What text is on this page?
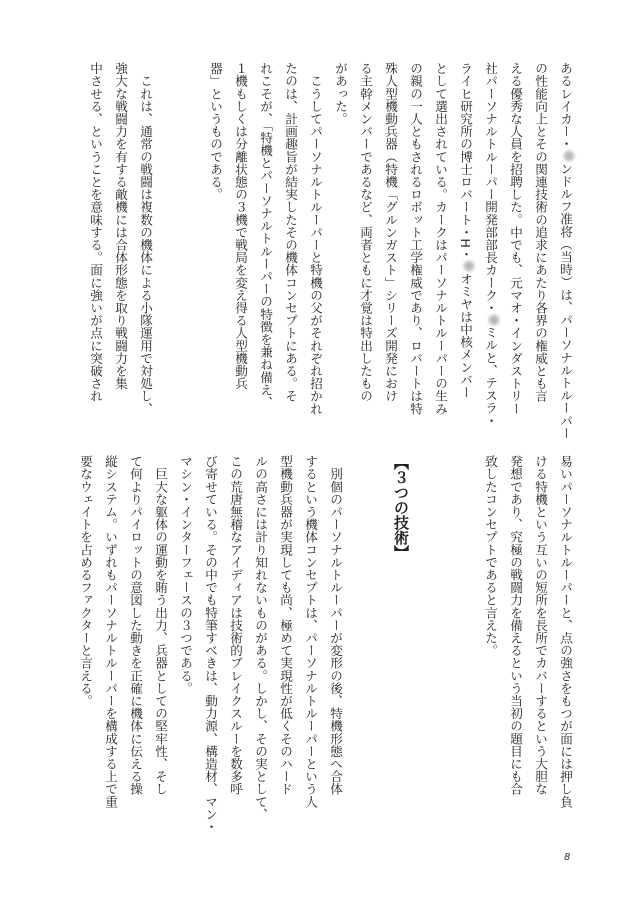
あるレイカー・ンドルフ准将（当時）は、パーソナルトルーパー
の性能向上とその関連技術の追求にあたり各界の権威とも言
える優秀な人員を招聘した。中でも、元マオ・インダストリー
社パーソナルトルーパー開発部部長カーク・ミルと、テスラ・
ライヒ研究所の博士ロバート・H・オミヤは中核メンバー
として選出されている。カークはパーソナルトルーパーの生み
の親の一人ともされるロボット工学権威であり、ロバートは特
殊人型機動兵器（特機「グルンガスト」シリーズ開発におけ
る主幹メンバーであるなど、両者ともに才覚は特出したもの
があった。
　こうしてパーソナルトルーパーと特機の父がそれぞれ招かれ
たのは、計画趣旨が結実したその機体コンセプトにある。そ
れこそが、「特機とパーソナルトルーパーの特徴を兼ね備え、
１機もしくは分離状態の３機で戦局を変え得る人型機動兵
器」というものである。
　これは、通常の戦闘は複数の機体による小隊運用で対処し、
強大な戦闘力を有する敵機には合体形態を取り戦闘力を集
中させる、ということを意味する。面に強いが点に突破され
易いパーソナルトルーパーと、点の強さをもつが面には押し負
ける特機という互いの短所を長所でカバーするという大胆な
発想であり、究極の戦闘力を備えるという当初の題目にも合
致したコンセプトであると言えた。
【３つの技術】
　別個のパーソナルトルーパーが変形の後、特機形態へ合体
するという機体コンセプトは、パーソナルトルーパーという人
型機動兵器が実現しても尚、極めて実現性が低くそのハード
ルの高さには計り知れないものがある。しかし、その実として、
この荒唐無稽なアイディアは技術的ブレイクスルーを数多呼
び寄せている。その中でも特筆すべきは、動力源、構造材、マン・
マシン・インターフェースの３つである。
　巨大な躯体の運動を賄う出力、兵器としての堅牢性、そし
て何よりパイロットの意図した動きを正確に機体に伝える操
縦システム。いずれもパーソナルトルーパーを構成する上で重
要なウェイトを占めるファクターと言える。
8
